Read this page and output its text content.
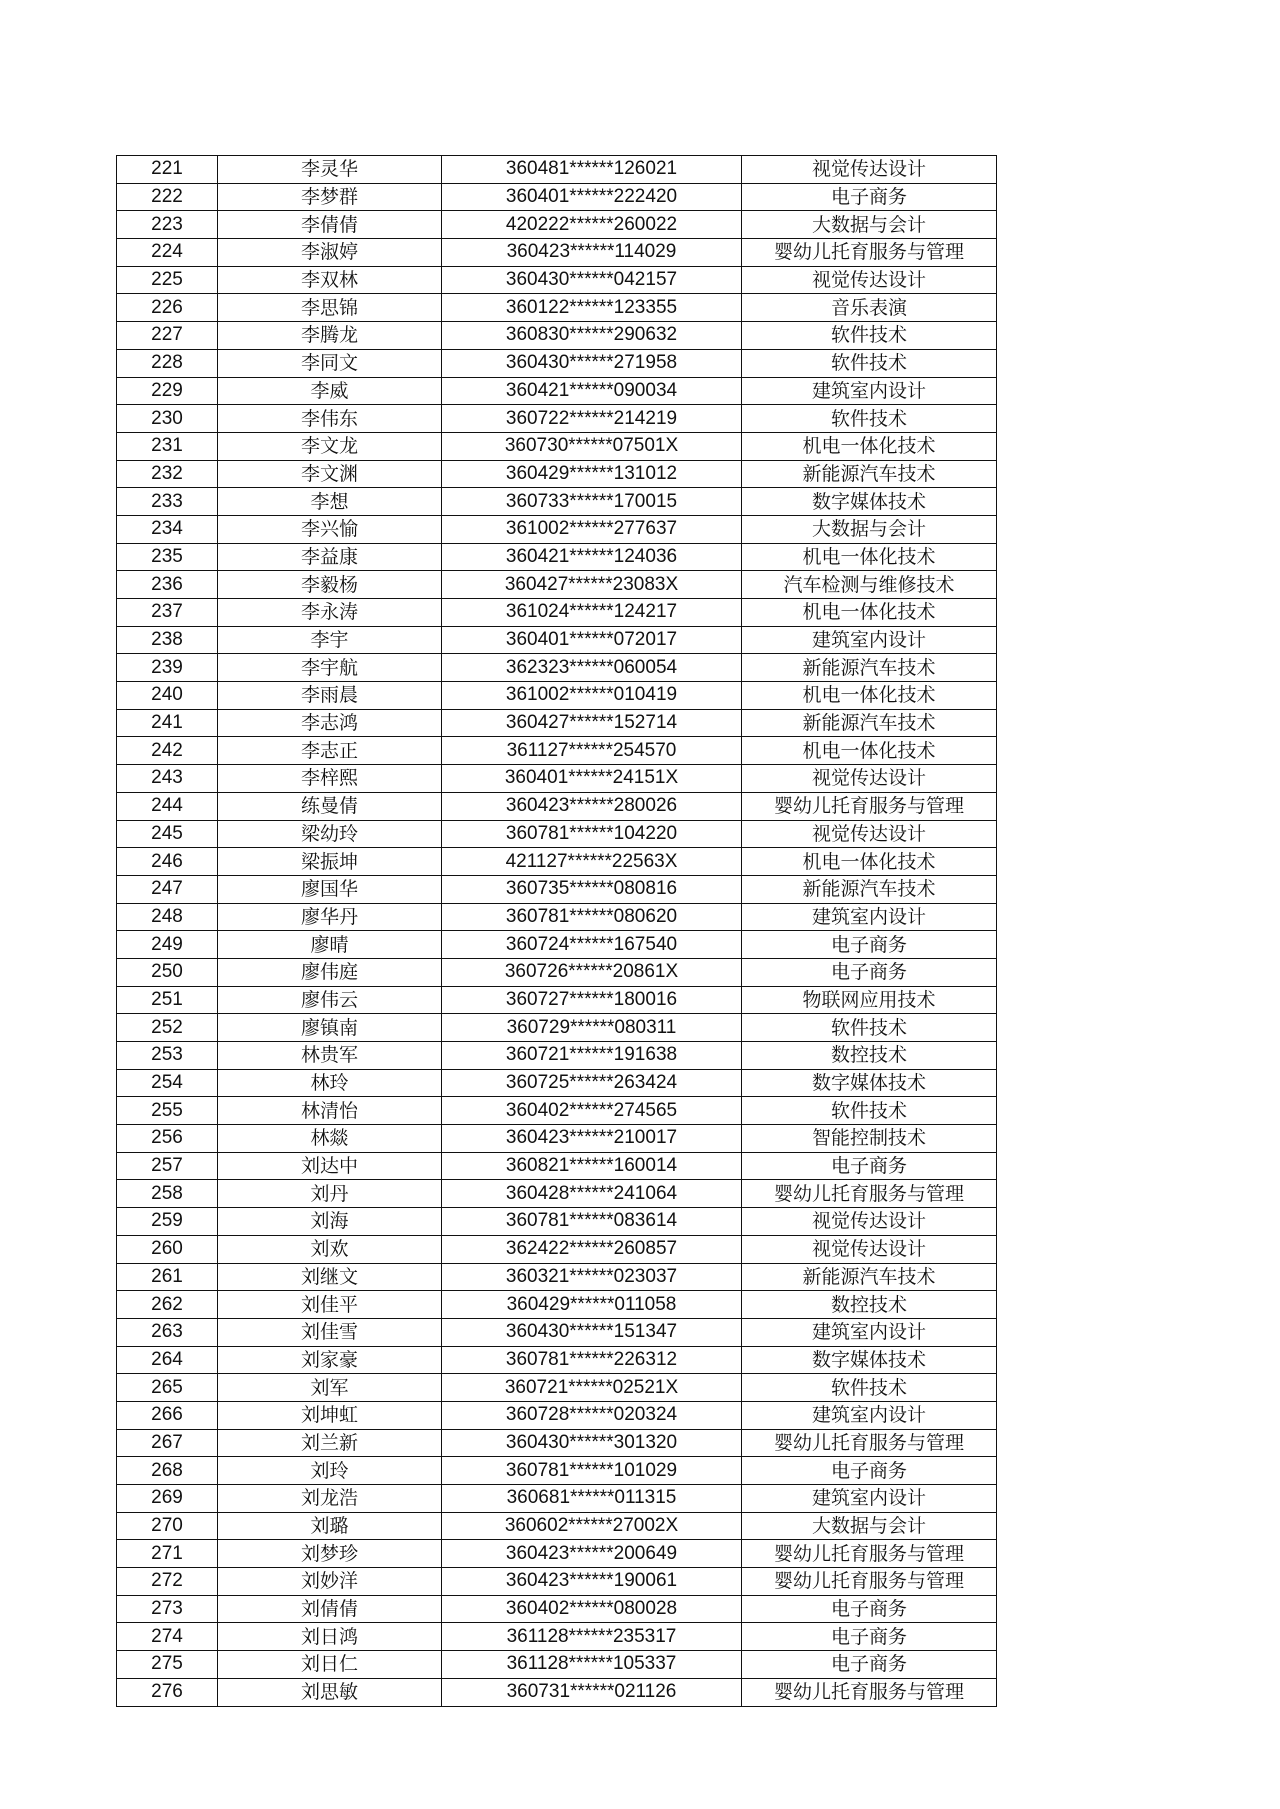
221	李灵华	360481******126021	视觉传达设计
222	李梦群	360401******222420	电子商务
223	李倩倩	420222******260022	大数据与会计
224	李淑婷	360423******114029	婴幼儿托育服务与管理
225	李双林	360430******042157	视觉传达设计
226	李思锦	360122******123355	音乐表演
227	李腾龙	360830******290632	软件技术
228	李同文	360430******271958	软件技术
229	李威	360421******090034	建筑室内设计
230	李伟东	360722******214219	软件技术
231	李文龙	360730******07501X	机电一体化技术
232	李文渊	360429******131012	新能源汽车技术
233	李想	360733******170015	数字媒体技术
234	李兴愉	361002******277637	大数据与会计
235	李益康	360421******124036	机电一体化技术
236	李毅杨	360427******23083X	汽车检测与维修技术
237	李永涛	361024******124217	机电一体化技术
238	李宇	360401******072017	建筑室内设计
239	李宇航	362323******060054	新能源汽车技术
240	李雨晨	361002******010419	机电一体化技术
241	李志鸿	360427******152714	新能源汽车技术
242	李志正	361127******254570	机电一体化技术
243	李梓熙	360401******24151X	视觉传达设计
244	练曼倩	360423******280026	婴幼儿托育服务与管理
245	梁幼玲	360781******104220	视觉传达设计
246	梁振坤	421127******22563X	机电一体化技术
247	廖国华	360735******080816	新能源汽车技术
248	廖华丹	360781******080620	建筑室内设计
249	廖晴	360724******167540	电子商务
250	廖伟庭	360726******20861X	电子商务
251	廖伟云	360727******180016	物联网应用技术
252	廖镇南	360729******080311	软件技术
253	林贵军	360721******191638	数控技术
254	林玲	360725******263424	数字媒体技术
255	林清怡	360402******274565	软件技术
256	林燚	360423******210017	智能控制技术
257	刘达中	360821******160014	电子商务
258	刘丹	360428******241064	婴幼儿托育服务与管理
259	刘海	360781******083614	视觉传达设计
260	刘欢	362422******260857	视觉传达设计
261	刘继文	360321******023037	新能源汽车技术
262	刘佳平	360429******011058	数控技术
263	刘佳雪	360430******151347	建筑室内设计
264	刘家豪	360781******226312	数字媒体技术
265	刘军	360721******02521X	软件技术
266	刘坤虹	360728******020324	建筑室内设计
267	刘兰新	360430******301320	婴幼儿托育服务与管理
268	刘玲	360781******101029	电子商务
269	刘龙浩	360681******011315	建筑室内设计
270	刘璐	360602******27002X	大数据与会计
271	刘梦珍	360423******200649	婴幼儿托育服务与管理
272	刘妙洋	360423******190061	婴幼儿托育服务与管理
273	刘倩倩	360402******080028	电子商务
274	刘日鸿	361128******235317	电子商务
275	刘日仁	361128******105337	电子商务
276	刘思敏	360731******021126	婴幼儿托育服务与管理
